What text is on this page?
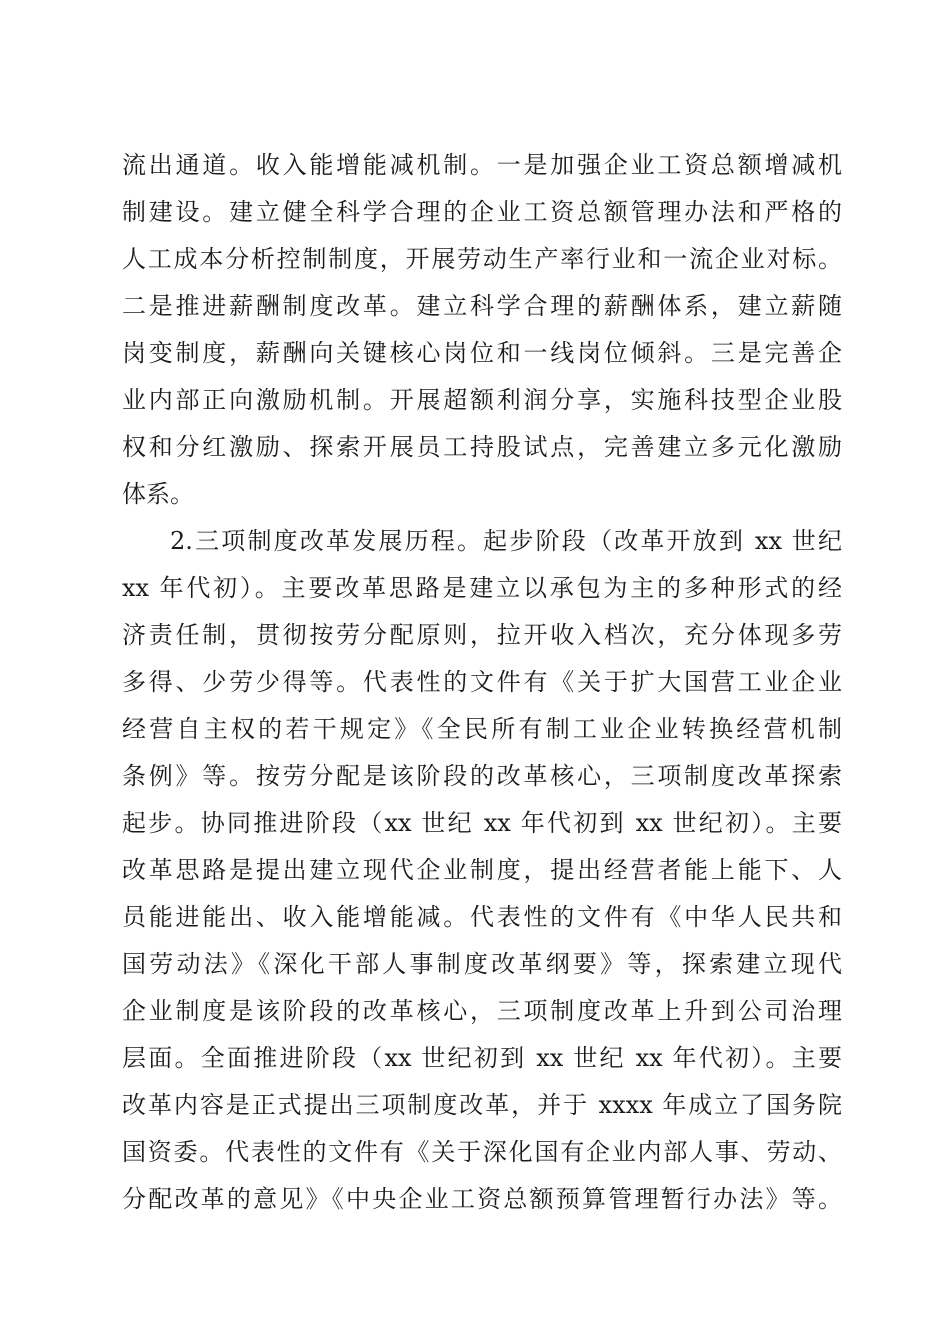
流出通道。收入能增能减机制。一是加强企业工资总额增减机
制建设。建立健全科学合理的企业工资总额管理办法和严格的
人工成本分析控制制度，开展劳动生产率行业和一流企业对标。
二是推进薪酬制度改革。建立科学合理的薪酬体系，建立薪随
岗变制度，薪酬向关键核心岗位和一线岗位倾斜。三是完善企
业内部正向激励机制。开展超额利润分享，实施科技型企业股
权和分红激励、探索开展员工持股试点，完善建立多元化激励
体系。
2.三项制度改革发展历程。起步阶段（改革开放到 xx 世纪
xx 年代初）。主要改革思路是建立以承包为主的多种形式的经
济责任制，贯彻按劳分配原则，拉开收入档次，充分体现多劳
多得、少劳少得等。代表性的文件有《关于扩大国营工业企业
经营自主权的若干规定》《全民所有制工业企业转换经营机制
条例》等。按劳分配是该阶段的改革核心，三项制度改革探索
起步。协同推进阶段（xx 世纪 xx 年代初到 xx 世纪初）。主要
改革思路是提出建立现代企业制度，提出经营者能上能下、人
员能进能出、收入能增能减。代表性的文件有《中华人民共和
国劳动法》《深化干部人事制度改革纲要》等，探索建立现代
企业制度是该阶段的改革核心，三项制度改革上升到公司治理
层面。全面推进阶段（xx 世纪初到 xx 世纪 xx 年代初）。主要
改革内容是正式提出三项制度改革，并于 xxxx 年成立了国务院
国资委。代表性的文件有《关于深化国有企业内部人事、劳动、
分配改革的意见》《中央企业工资总额预算管理暂行办法》等。
